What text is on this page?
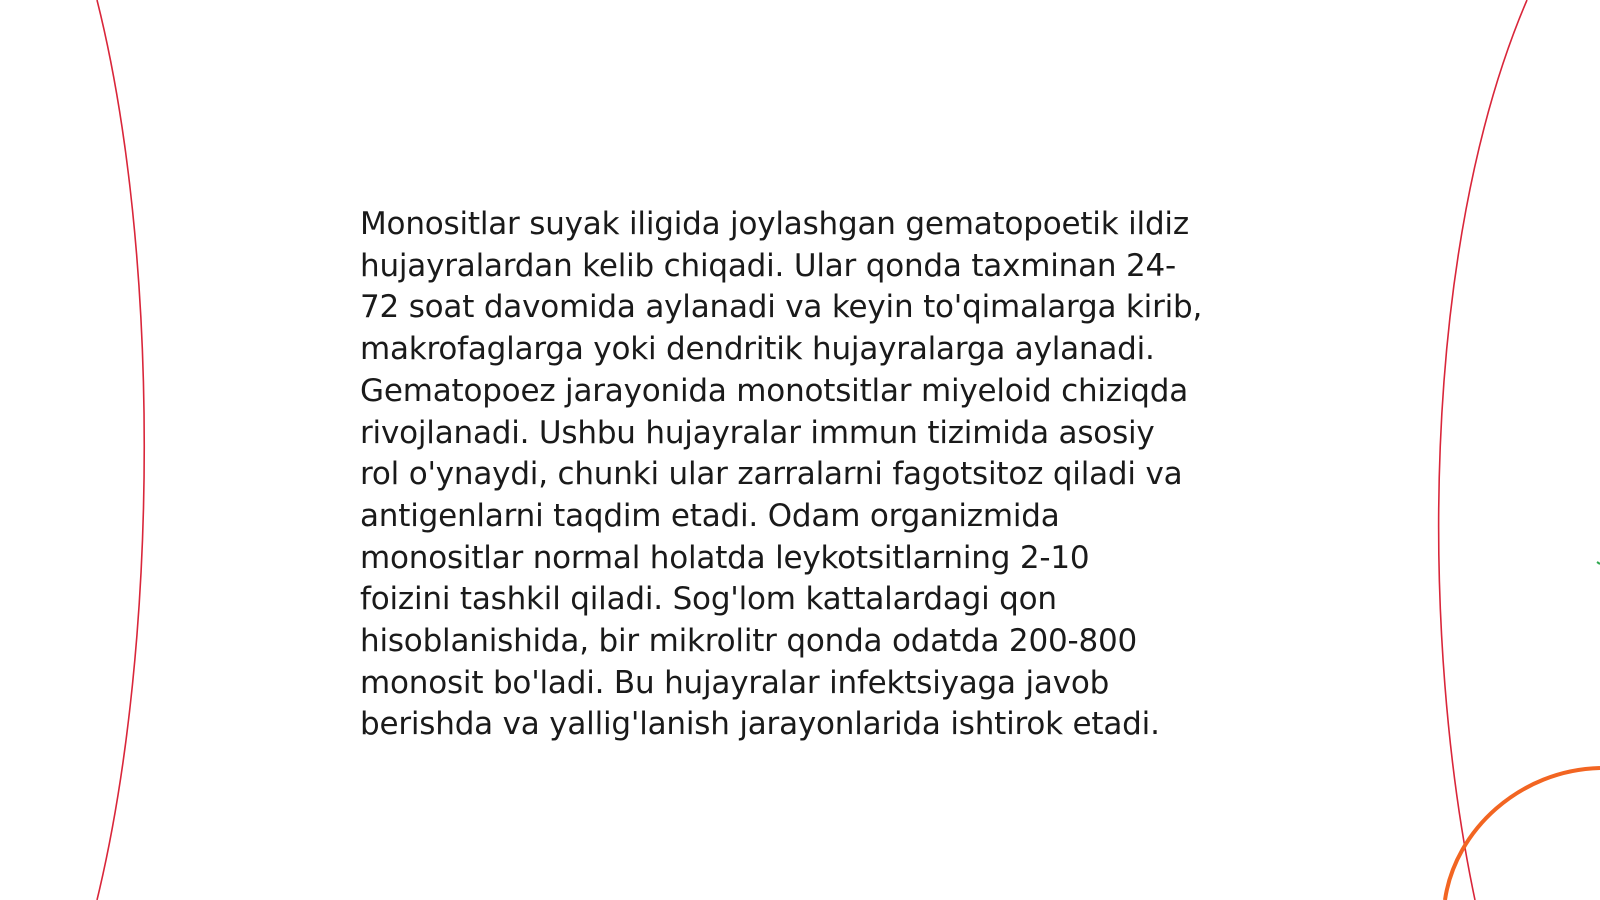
Monositlar suyak iligida joylashgan gematopoetik ildiz
hujayralardan kelib chiqadi. Ular qonda taxminan 24-
72 soat davomida aylanadi va keyin to'qimalarga kirib,
makrofaglarga yoki dendritik hujayralarga aylanadi.
Gematopoez jarayonida monotsitlar miyeloid chiziqda
rivojlanadi. Ushbu hujayralar immun tizimida asosiy
rol o'ynaydi, chunki ular zarralarni fagotsitoz qiladi va
antigenlarni taqdim etadi. Odam organizmida
monositlar normal holatda leykotsitlarning 2-10
foizini tashkil qiladi. Sog'lom kattalardagi qon
hisoblanishida, bir mikrolitr qonda odatda 200-800
monosit bo'ladi. Bu hujayralar infektsiyaga javob
berishda va yallig'lanish jarayonlarida ishtirok etadi.
